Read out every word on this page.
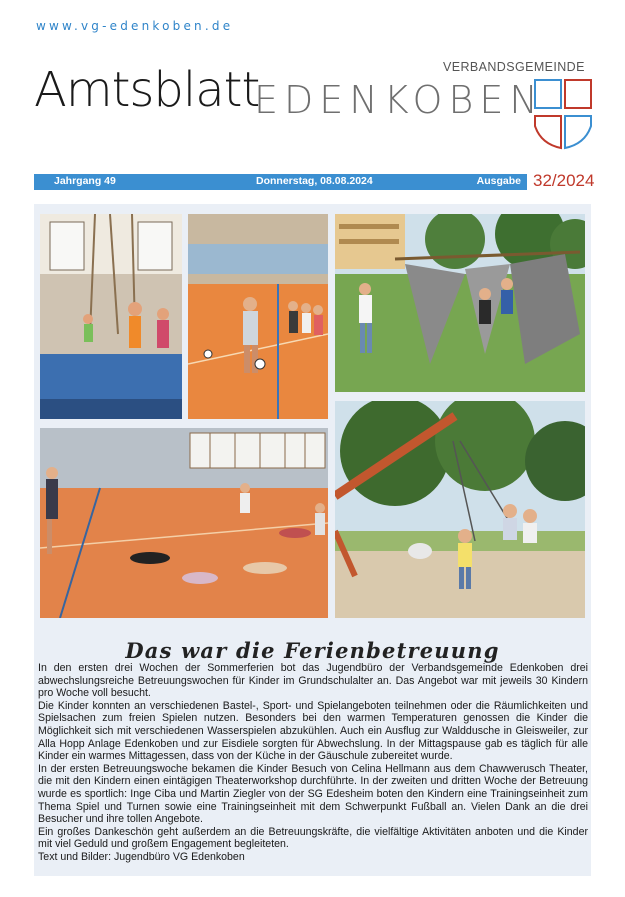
www.vg-edenkoben.de
Amtsblatt	VERBANDSGEMEINDE
EDENKOBEN
Jahrgang 49	Donnerstag, 08.08.2024	Ausgabe 32/2024
Das war die Ferienbetreuung

In den ersten drei Wochen der Sommerferien bot das Jugendbüro der Verbandsgemeinde Edenkoben drei abwechslungsreiche Betreuungswochen für Kinder im Grundschulalter an. Das Angebot war mit jeweils 30 Kindern pro Woche voll besucht.

Die Kinder konnten an verschiedenen Bastel-, Sport- und Spielangeboten teilnehmen oder die Räumlichkeiten und Spielsachen zum freien Spielen nutzen. Besonders bei den warmen Temperaturen genossen die Kinder die Möglichkeit sich mit verschiedenen Wasserspielen abzukühlen. Auch ein Ausflug zur Walddusche in Gleisweiler, zur Alla Hopp Anlage Edenkoben und zur Eisdiele sorgten für Abwechslung. In der Mittagspause gab es täglich für alle Kinder ein warmes Mittagessen, dass von der Küche in der Gäuschule zubereitet wurde.

In der ersten Betreuungswoche bekamen die Kinder Besuch von Celina Hellmann aus dem Chawwerusch Theater, die mit den Kindern einen eintägigen Theaterworkshop durchführte. In der zweiten und dritten Woche der Betreuung wurde es sportlich: Inge Ciba und Martin Ziegler von der SG Edesheim boten den Kindern eine Trainingseinheit zum Thema Spiel und Turnen sowie eine Trainingseinheit mit dem Schwerpunkt Fußball an. Vielen Dank an die drei Besucher und ihre tollen Angebote.

Ein großes Dankeschön geht außerdem an die Betreuungskräfte, die vielfältige Aktivitäten anboten und die Kinder mit viel Geduld und großem Engagement begleiteten.

Text und Bilder: Jugendbüro VG Edenkoben
